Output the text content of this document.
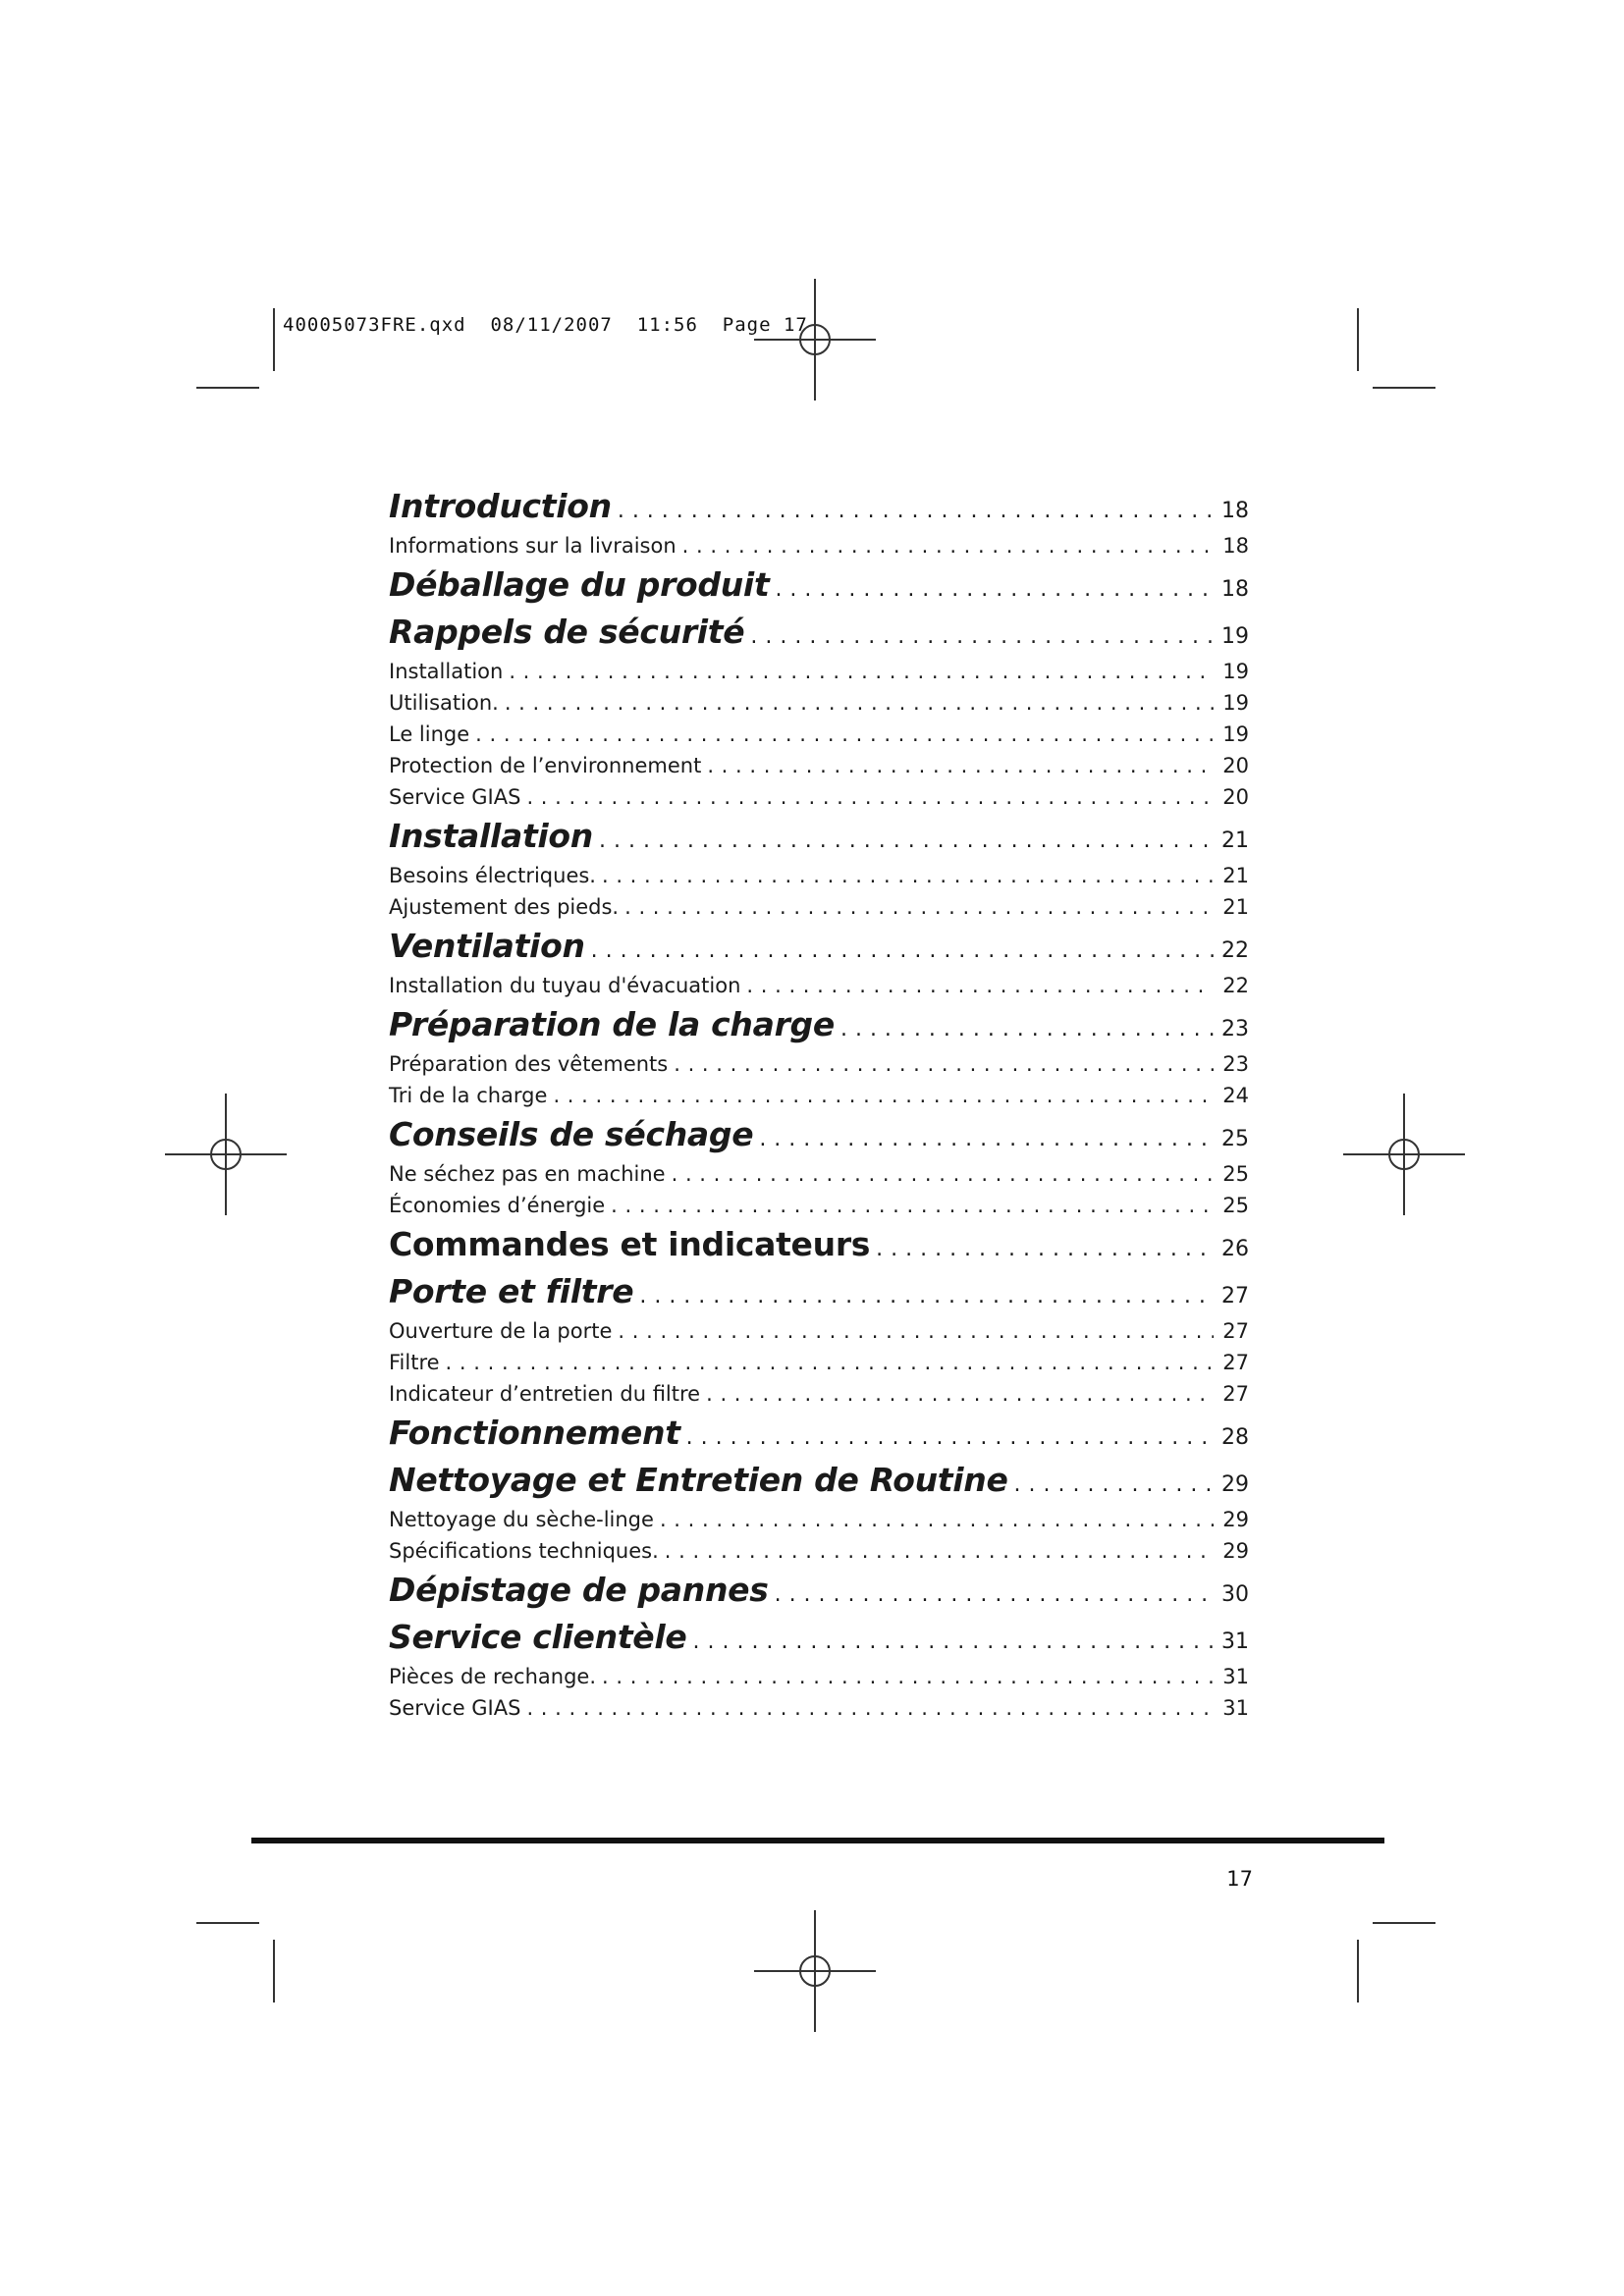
40005073FRE.qxd  08/11/2007  11:56  Page 17
Introduction . . .	18
Informations sur la livraison . . .	18
Déballage du produit . . .	18
Rappels de sécurité . . .	19
Installation . . .	19
Utilisation. . . .	19
Le linge . . .	19
Protection de l’environnement . . .	20
Service GIAS . . .	20
Installation . . .	21
Besoins électriques. . . .	21
Ajustement des pieds. . . .	21
Ventilation . . .	22
Installation du tuyau d'évacuation . . .	22
Préparation de la charge . . .	23
Préparation des vêtements . . .	23
Tri de la charge . . .	24
Conseils de séchage . . .	25
Ne séchez pas en machine . . .	25
Économies d’énergie . . .	25
Commandes et indicateurs . . .	26
Porte et filtre . . .	27
Ouverture de la porte . . .	27
Filtre . . .	27
Indicateur d’entretien du filtre . . .	27
Fonctionnement . . .	28
Nettoyage et Entretien de Routine . . .	29
Nettoyage du sèche-linge . . .	29
Spécifications techniques. . . .	29
Dépistage de pannes . . .	30
Service clientèle . . .	31
Pièces de rechange. . . .	31
Service GIAS . . .	31
17
